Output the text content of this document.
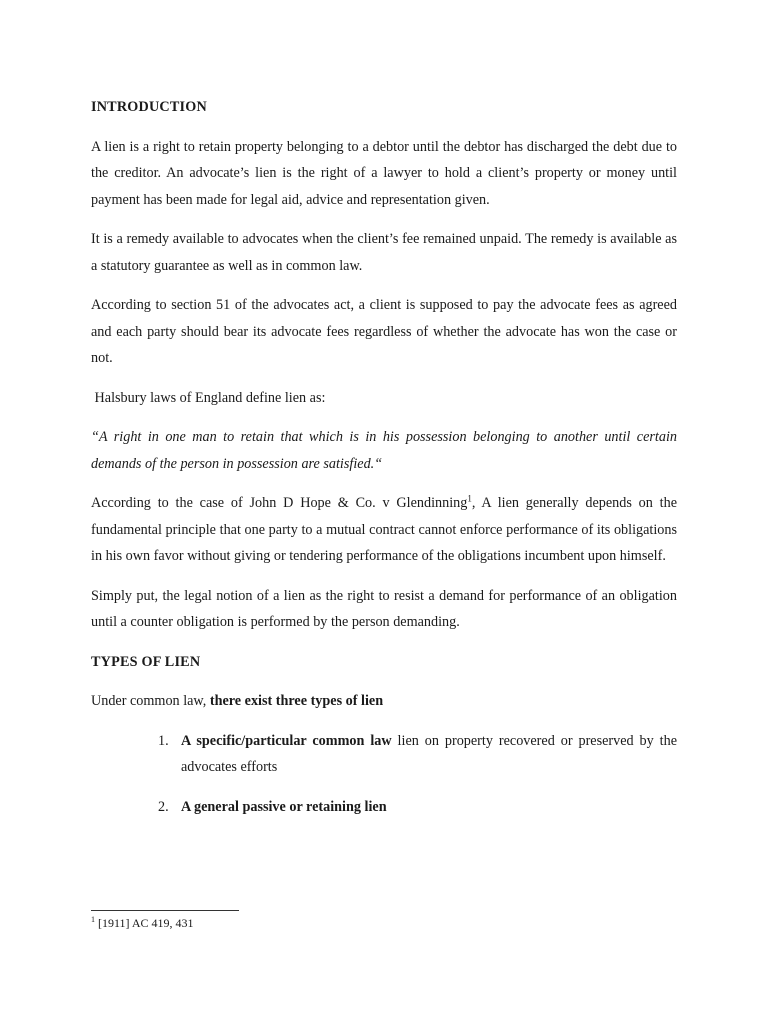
INTRODUCTION

A lien is a right to retain property belonging to a debtor until the debtor has discharged the debt due to the creditor. An advocate’s lien is the right of a lawyer to hold a client’s property or money until payment has been made for legal aid, advice and representation given.

It is a remedy available to advocates when the client’s fee remained unpaid. The remedy is available as a statutory guarantee as well as in common law.

According to section 51 of the advocates act, a client is supposed to pay the advocate fees as agreed and each party should bear its advocate fees regardless of whether the advocate has won the case or not.

Halsbury laws of England define lien as:

“A right in one man to retain that which is in his possession belonging to another until certain demands of the person in possession are satisfied.“

According to the case of John D Hope & Co. v Glendinning$^1$, A lien generally depends on the fundamental principle that one party to a mutual contract cannot enforce performance of its obligations in his own favor without giving or tendering performance of the obligations incumbent upon himself.

Simply put, the legal notion of a lien as the right to resist a demand for performance of an obligation until a counter obligation is performed by the person demanding.

TYPES OF LIEN

Under common law, there exist three types of lien

1. A specific/particular common law lien on property recovered or preserved by the advocates efforts
2. A general passive or retaining lien
$^1$ [1911] AC 419, 431
